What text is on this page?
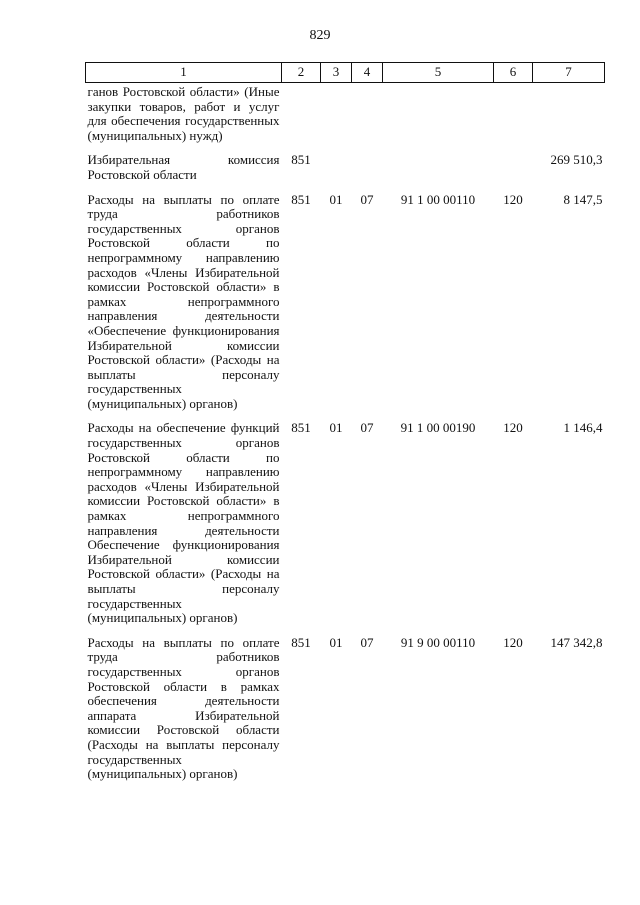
829
1	2	3	4	5	6	7
ганов Ростовской области» (Иные закупки товаров, работ и услуг для обеспечения государственных (муниципальных) нужд)						
Избирательная комиссия Ростовской области	851					269 510,3
Расходы на выплаты по оплате труда работников государственных органов Ростовской области по непрограммному направлению расходов «Члены Избирательной комиссии Ростовской области» в рамках непрограммного направления деятельности «Обеспечение функционирования Избирательной комиссии Ростовской области» (Расходы на выплаты персоналу государственных (муниципальных) органов)	851	01	07	91 1 00 00110	120	8 147,5
Расходы на обеспечение функций государственных органов Ростовской области по непрограммному направлению расходов «Члены Избирательной комиссии Ростовской области» в рамках непрограммного направления деятельности Обеспечение функционирования Избирательной комиссии Ростовской области» (Расходы на выплаты персоналу государственных (муниципальных) органов)	851	01	07	91 1 00 00190	120	1 146,4
Расходы на выплаты по оплате труда работников государственных органов Ростовской области в рамках обеспечения деятельности аппарата Избирательной комиссии Ростовской области (Расходы на выплаты персоналу государственных (муниципальных) органов)	851	01	07	91 9 00 00110	120	147 342,8
